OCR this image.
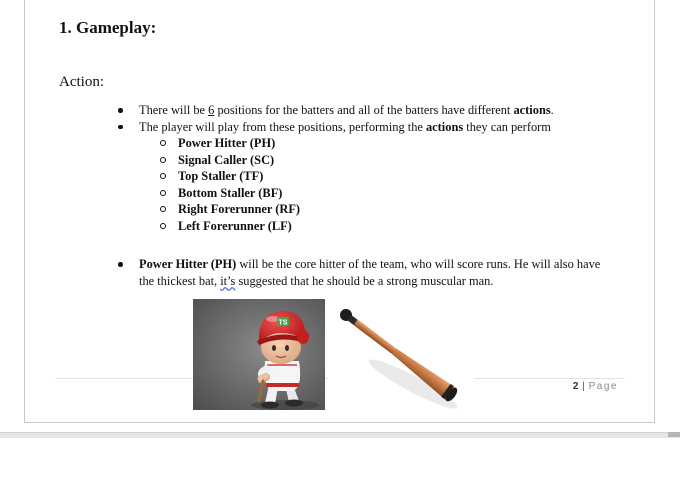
1. Gameplay:
Action:
There will be 6 positions for the batters and all of the batters have different actions.
The player will play from these positions, performing the actions they can perform
Power Hitter (PH)
Signal Caller (SC)
Top Staller (TF)
Bottom Staller (BF)
Right Forerunner (RF)
Left Forerunner (LF)
Power Hitter (PH) will be the core hitter of the team, who will score runs. He will also have the thickest bat, it’s suggested that he should be a strong muscular man.
2 | Page
TS
